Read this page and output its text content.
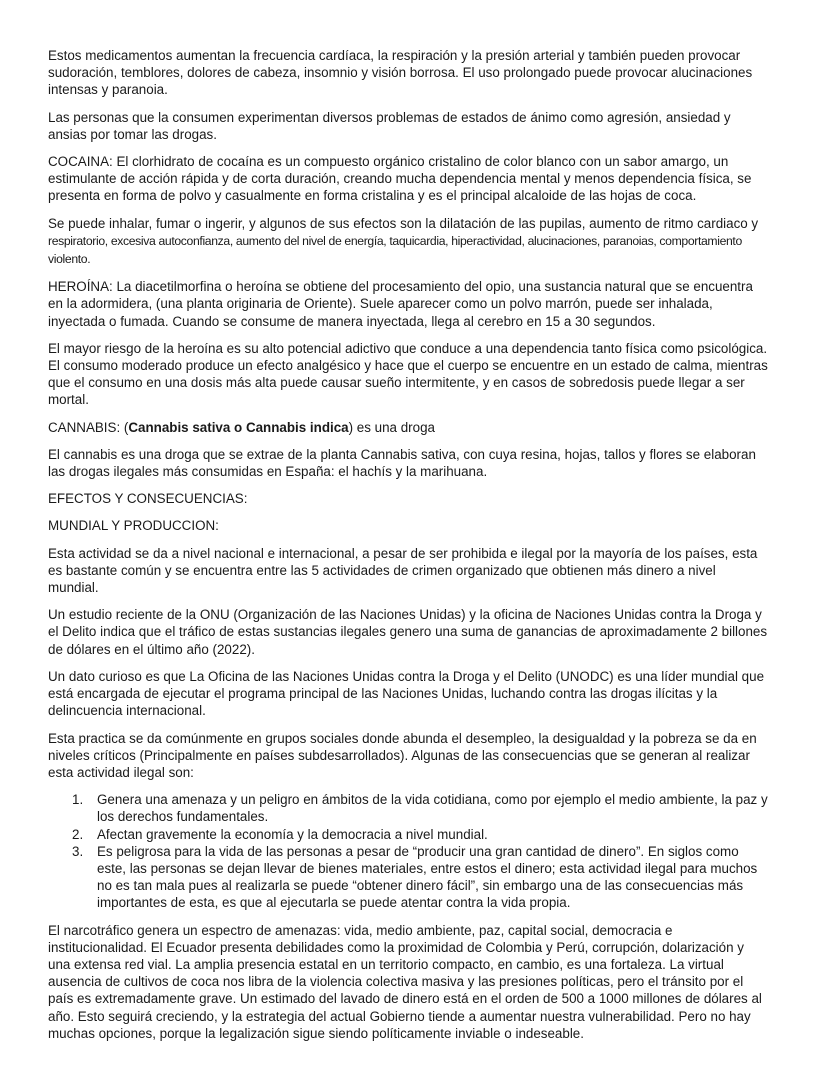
Estos medicamentos aumentan la frecuencia cardíaca, la respiración y la presión arterial y también pueden provocar sudoración, temblores, dolores de cabeza, insomnio y visión borrosa. El uso prolongado puede provocar alucinaciones intensas y paranoia.

Las personas que la consumen experimentan diversos problemas de estados de ánimo como agresión, ansiedad y ansias por tomar las drogas.

COCAINA: El clorhidrato de cocaína es un compuesto orgánico cristalino de color blanco con un sabor amargo, un estimulante de acción rápida y de corta duración, creando mucha dependencia mental y menos dependencia física, se presenta en forma de polvo y casualmente en forma cristalina y es el principal alcaloide de las hojas de coca.

Se puede inhalar, fumar o ingerir, y algunos de sus efectos son la dilatación de las pupilas, aumento de ritmo cardiaco y
respiratorio, excesiva autoconfianza, aumento del nivel de energía, taquicardia, hiperactividad, alucinaciones, paranoias, comportamiento violento.

HEROÍNA: La diacetilmorfina o heroína se obtiene del procesamiento del opio, una sustancia natural que se encuentra en la adormidera, (una planta originaria de Oriente). Suele aparecer como un polvo marrón, puede ser inhalada, inyectada o fumada. Cuando se consume de manera inyectada, llega al cerebro en 15 a 30 segundos.

El mayor riesgo de la heroína es su alto potencial adictivo que conduce a una dependencia tanto física como psicológica. El consumo moderado produce un efecto analgésico y hace que el cuerpo se encuentre en un estado de calma, mientras que el consumo en una dosis más alta puede causar sueño intermitente, y en casos de sobredosis puede llegar a ser mortal.

CANNABIS: (Cannabis sativa o Cannabis indica) es una droga

El cannabis es una droga que se extrae de la planta Cannabis sativa, con cuya resina, hojas, tallos y flores se elaboran las drogas ilegales más consumidas en España: el hachís y la marihuana.

EFECTOS Y CONSECUENCIAS:

MUNDIAL Y PRODUCCION:

Esta actividad se da a nivel nacional e internacional, a pesar de ser prohibida e ilegal por la mayoría de los países, esta es bastante común y se encuentra entre las 5 actividades de crimen organizado que obtienen más dinero a nivel mundial.

Un estudio reciente de la ONU (Organización de las Naciones Unidas) y la oficina de Naciones Unidas contra la Droga y el Delito indica que el tráfico de estas sustancias ilegales genero una suma de ganancias de aproximadamente 2 billones de dólares en el último año (2022).

Un dato curioso es que La Oficina de las Naciones Unidas contra la Droga y el Delito (UNODC) es una líder mundial que está encargada de ejecutar el programa principal de las Naciones Unidas, luchando contra las drogas ilícitas y la delincuencia internacional.

Esta practica se da comúnmente en grupos sociales donde abunda el desempleo, la desigualdad y la pobreza se da en niveles críticos (Principalmente en países subdesarrollados). Algunas de las consecuencias que se generan al realizar esta actividad ilegal son:

1. Genera una amenaza y un peligro en ámbitos de la vida cotidiana, como por ejemplo el medio ambiente, la paz y los derechos fundamentales.
2. Afectan gravemente la economía y la democracia a nivel mundial.
3. Es peligrosa para la vida de las personas a pesar de “producir una gran cantidad de dinero”. En siglos como este, las personas se dejan llevar de bienes materiales, entre estos el dinero; esta actividad ilegal para muchos no es tan mala pues al realizarla se puede “obtener dinero fácil”, sin embargo una de las consecuencias más importantes de esta, es que al ejecutarla se puede atentar contra la vida propia.

El narcotráfico genera un espectro de amenazas: vida, medio ambiente, paz, capital social, democracia e institucionalidad. El Ecuador presenta debilidades como la proximidad de Colombia y Perú, corrupción, dolarización y una extensa red vial. La amplia presencia estatal en un territorio compacto, en cambio, es una fortaleza. La virtual ausencia de cultivos de coca nos libra de la violencia colectiva masiva y las presiones políticas, pero el tránsito por el país es extremadamente grave. Un estimado del lavado de dinero está en el orden de 500 a 1000 millones de dólares al año. Esto seguirá creciendo, y la estrategia del actual Gobierno tiende a aumentar nuestra vulnerabilidad. Pero no hay muchas opciones, porque la legalización sigue siendo políticamente inviable o indeseable.
